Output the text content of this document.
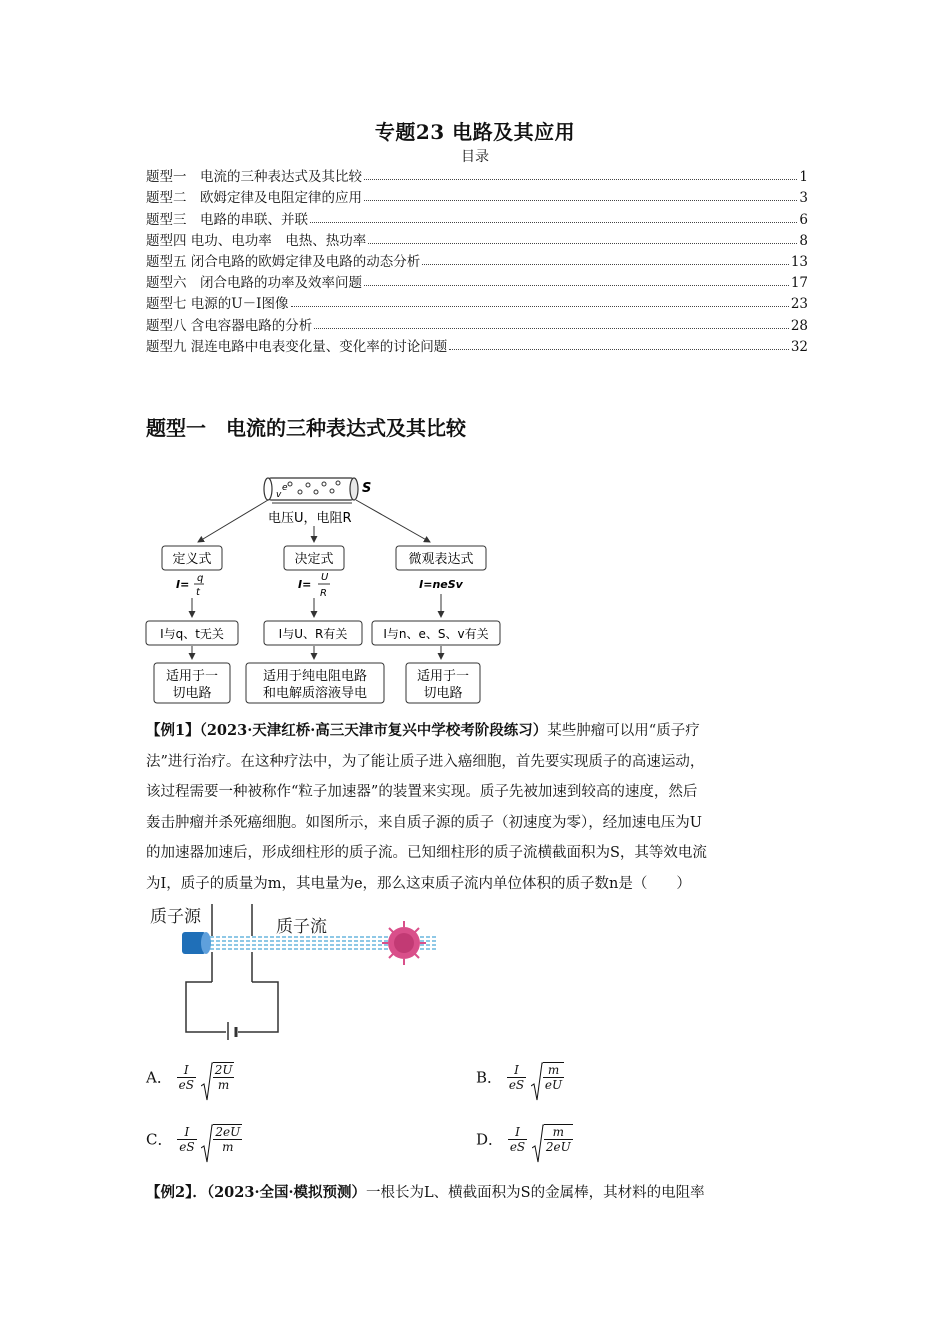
专题23 电路及其应用
目录
题型一　电流的三种表达式及其比较	1
题型二　欧姆定律及电阻定律的应用	3
题型三　电路的串联、并联	6
题型四 电功、电功率　电热、热功率	8
题型五 闭合电路的欧姆定律及电路的动态分析	13
题型六　闭合电路的功率及效率问题	17
题型七 电源的U－I图像	23
题型八 含电容器电路的分析	28
题型九 混连电路中电表变化量、变化率的讨论问题	32
题型一　电流的三种表达式及其比较
e
v	S
电压U，电阻R
定义式	决定式	微观表达式
I= q
t
I=
U
R
I=neSv
I与q、t无关	I与U、R有关	I与n、e、S、v有关
适用于一
切电路
适用于纯电阻电路
和电解质溶液导电
适用于一
切电路
【例1】（2023·天津红桥·高三天津市复兴中学校考阶段练习）某些肿瘤可以用“质子疗
法”进行治疗。在这种疗法中，为了能让质子进入癌细胞，首先要实现质子的高速运动，
该过程需要一种被称作“粒子加速器”的装置来实现。质子先被加速到较高的速度，然后
轰击肿瘤并杀死癌细胞。如图所示，来自质子源的质子（初速度为零），经加速电压为U
的加速器加速后，形成细柱形的质子流。已知细柱形的质子流横截面积为S，其等效电流
为I，质子的质量为m，其电量为e，那么这束质子流内单位体积的质子数n是（　　）
质子源	质子流
A． $\frac{I}{eS}$
$\frac{2U}{m}$	B． $\frac{I}{eS}$
$\frac{m}{eU}$
C． $\frac{I}{eS}$
$\frac{2eU}{m}$	D． $\frac{I}{eS}$
$\frac{m}{2eU}$
【例2】．（2023·全国·模拟预测）一根长为L、横截面积为S的金属棒，其材料的电阻率
